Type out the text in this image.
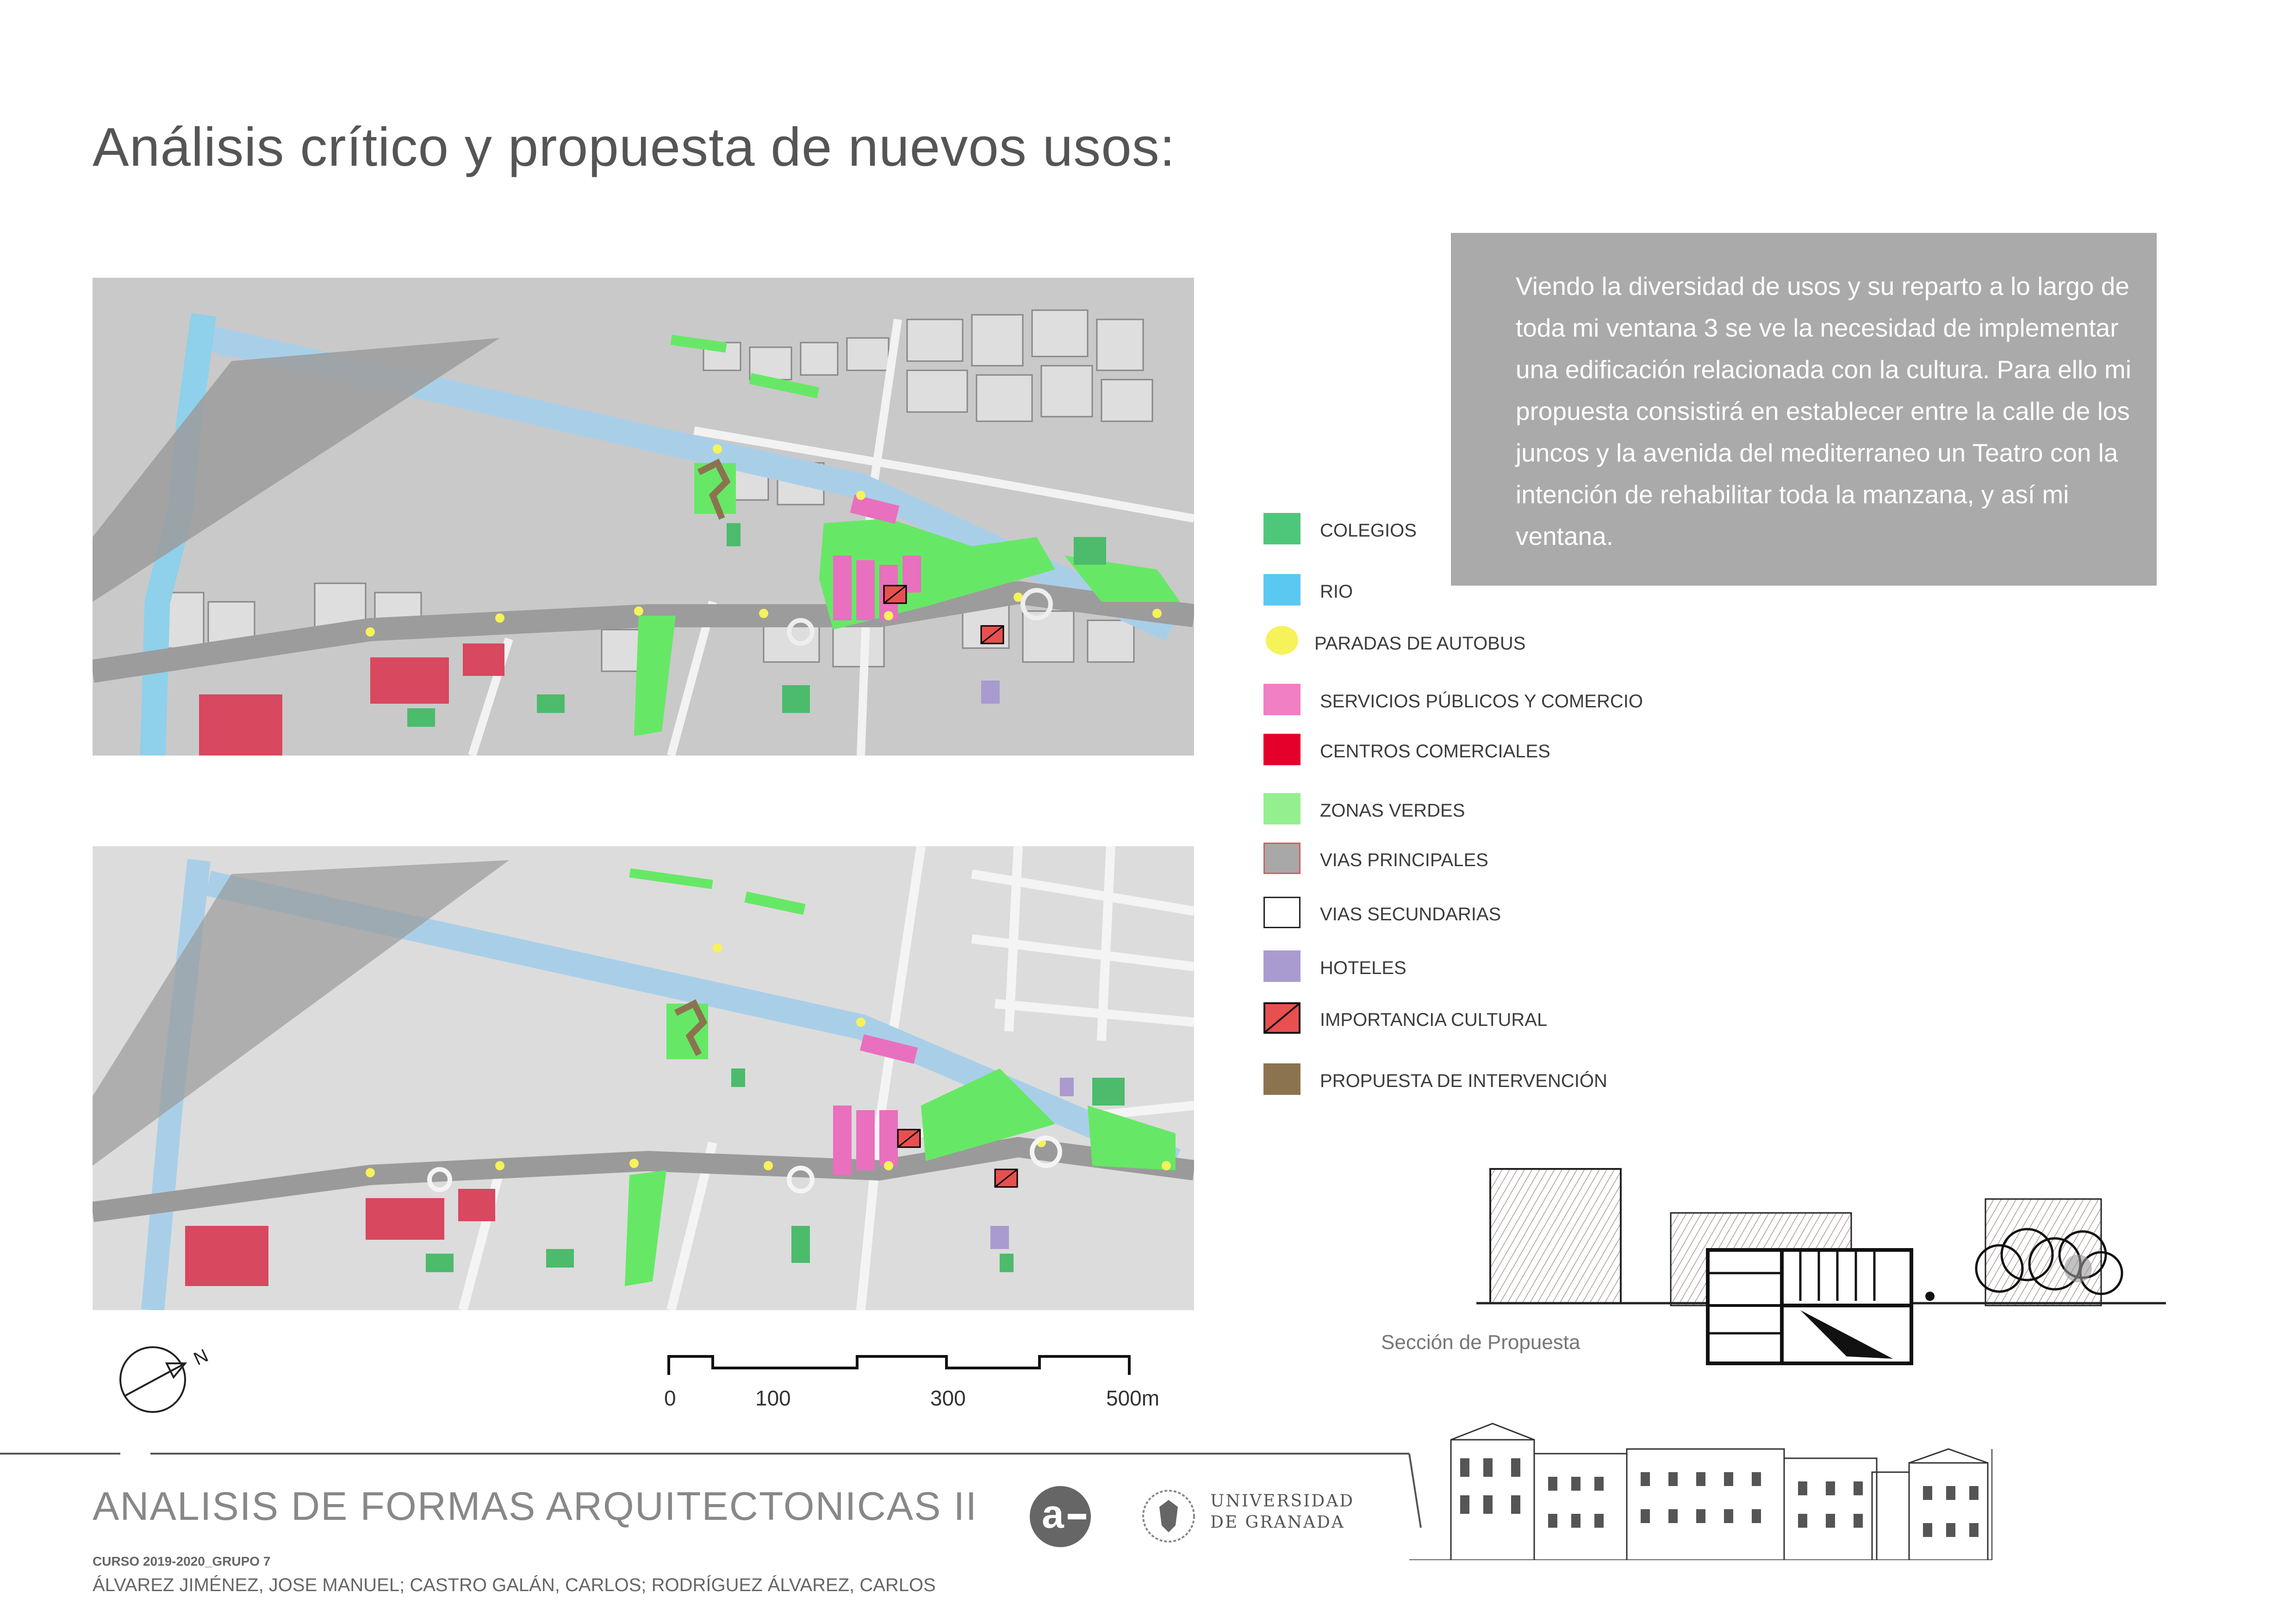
Análisis crítico y propuesta de nuevos usos:
Viendo la diversidad de usos y su reparto a lo largo de toda mi ventana 3 se ve la necesidad de implementar una edificación relacionada con la cultura. Para ello mi propuesta consistirá en establecer entre la calle de los juncos y la avenida del mediterraneo un Teatro con la intención de rehabilitar toda la manzana, y así mi ventana.
COLEGIOS
RIO
PARADAS DE AUTOBUS
SERVICIOS PÚBLICOS Y COMERCIO
CENTROS COMERCIALES
ZONAS VERDES
VIAS PRINCIPALES
VIAS SECUNDARIAS
HOTELES
IMPORTANCIA CULTURAL
PROPUESTA DE INTERVENCIÓN
N
0	100	300	500m
Sección de Propuesta
ANALISIS DE FORMAS ARQUITECTONICAS II
CURSO 2019-2020_GRUPO 7
ÁLVAREZ JIMÉNEZ, JOSE MANUEL; CASTRO GALÁN, CARLOS; RODRÍGUEZ ÁLVAREZ, CARLOS
a	UNIVERSIDAD
DE GRANADA
